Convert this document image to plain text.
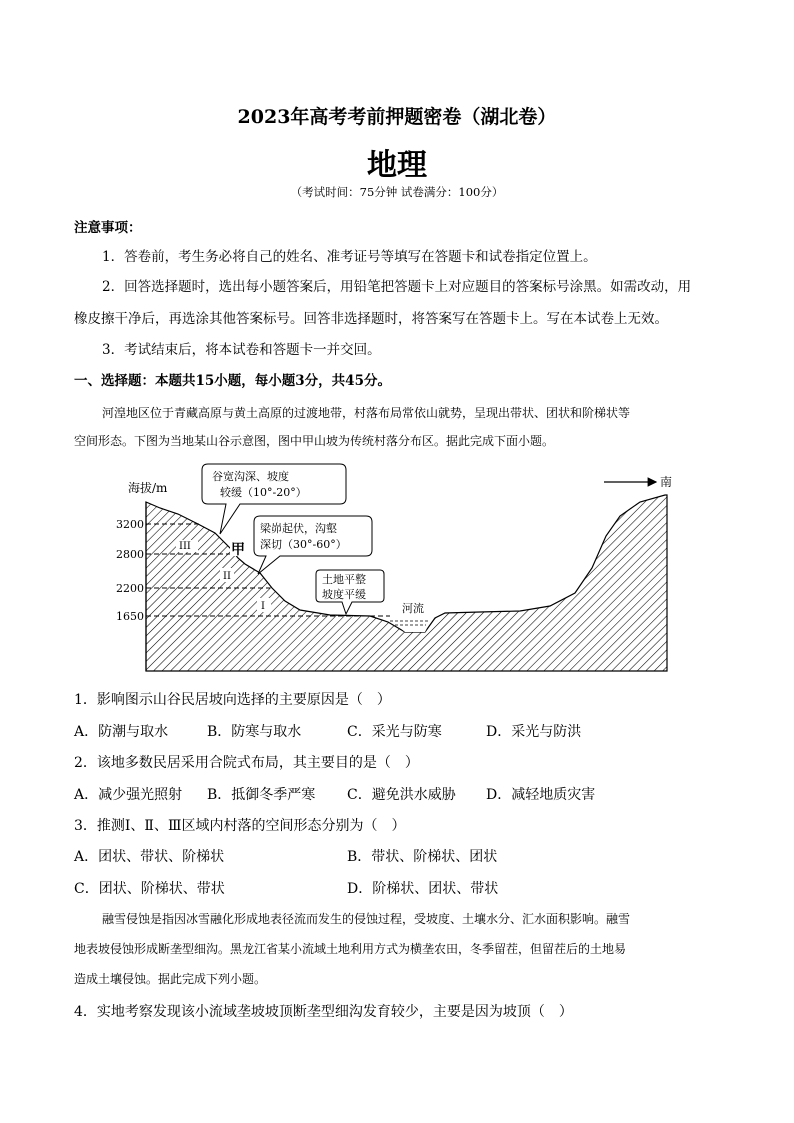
2023年高考考前押题密卷（湖北卷）
地理
（考试时间：75分钟 试卷满分：100分）
注意事项：
1．答卷前，考生务必将自己的姓名、准考证号等填写在答题卡和试卷指定位置上。
2．回答选择题时，选出每小题答案后，用铅笔把答题卡上对应题目的答案标号涂黑。如需改动，用
橡皮擦干净后，再选涂其他答案标号。回答非选择题时，将答案写在答题卡上。写在本试卷上无效。
3．考试结束后，将本试卷和答题卡一并交回。
一、选择题：本题共15小题，每小题3分，共45分。
河湟地区位于青藏高原与黄土高原的过渡地带，村落布局常依山就势，呈现出带状、团状和阶梯状等
空间形态。下图为当地某山谷示意图，图中甲山坡为传统村落分布区。据此完成下面小题。
海拔/m
3200
2800
2200
1650
III
II
I
甲
谷宽沟深、坡度
较缓（10°-20°）
梁峁起伏，沟壑
深切（30°-60°）
土地平整
坡度平缓
河流
南
1．影响图示山谷民居坡向选择的主要原因是（　）
A．防潮与取水	B．防寒与取水	C．采光与防寒	D．采光与防洪
2．该地多数民居采用合院式布局，其主要目的是（　）
A．减少强光照射 B．抵御冬季严寒 C．避免洪水威胁 D．减轻地质灾害
3．推测Ⅰ、Ⅱ、Ⅲ区域内村落的空间形态分别为（　）
A．团状、带状、阶梯状	B．带状、阶梯状、团状
C．团状、阶梯状、带状	D．阶梯状、团状、带状
融雪侵蚀是指因冰雪融化形成地表径流而发生的侵蚀过程，受坡度、土壤水分、汇水面积影响。融雪
地表坡侵蚀形成断垄型细沟。黑龙江省某小流域土地利用方式为横垄农田，冬季留茬，但留茬后的土地易
造成土壤侵蚀。据此完成下列小题。
4．实地考察发现该小流域垄坡坡顶断垄型细沟发育较少，主要是因为坡顶（　）
